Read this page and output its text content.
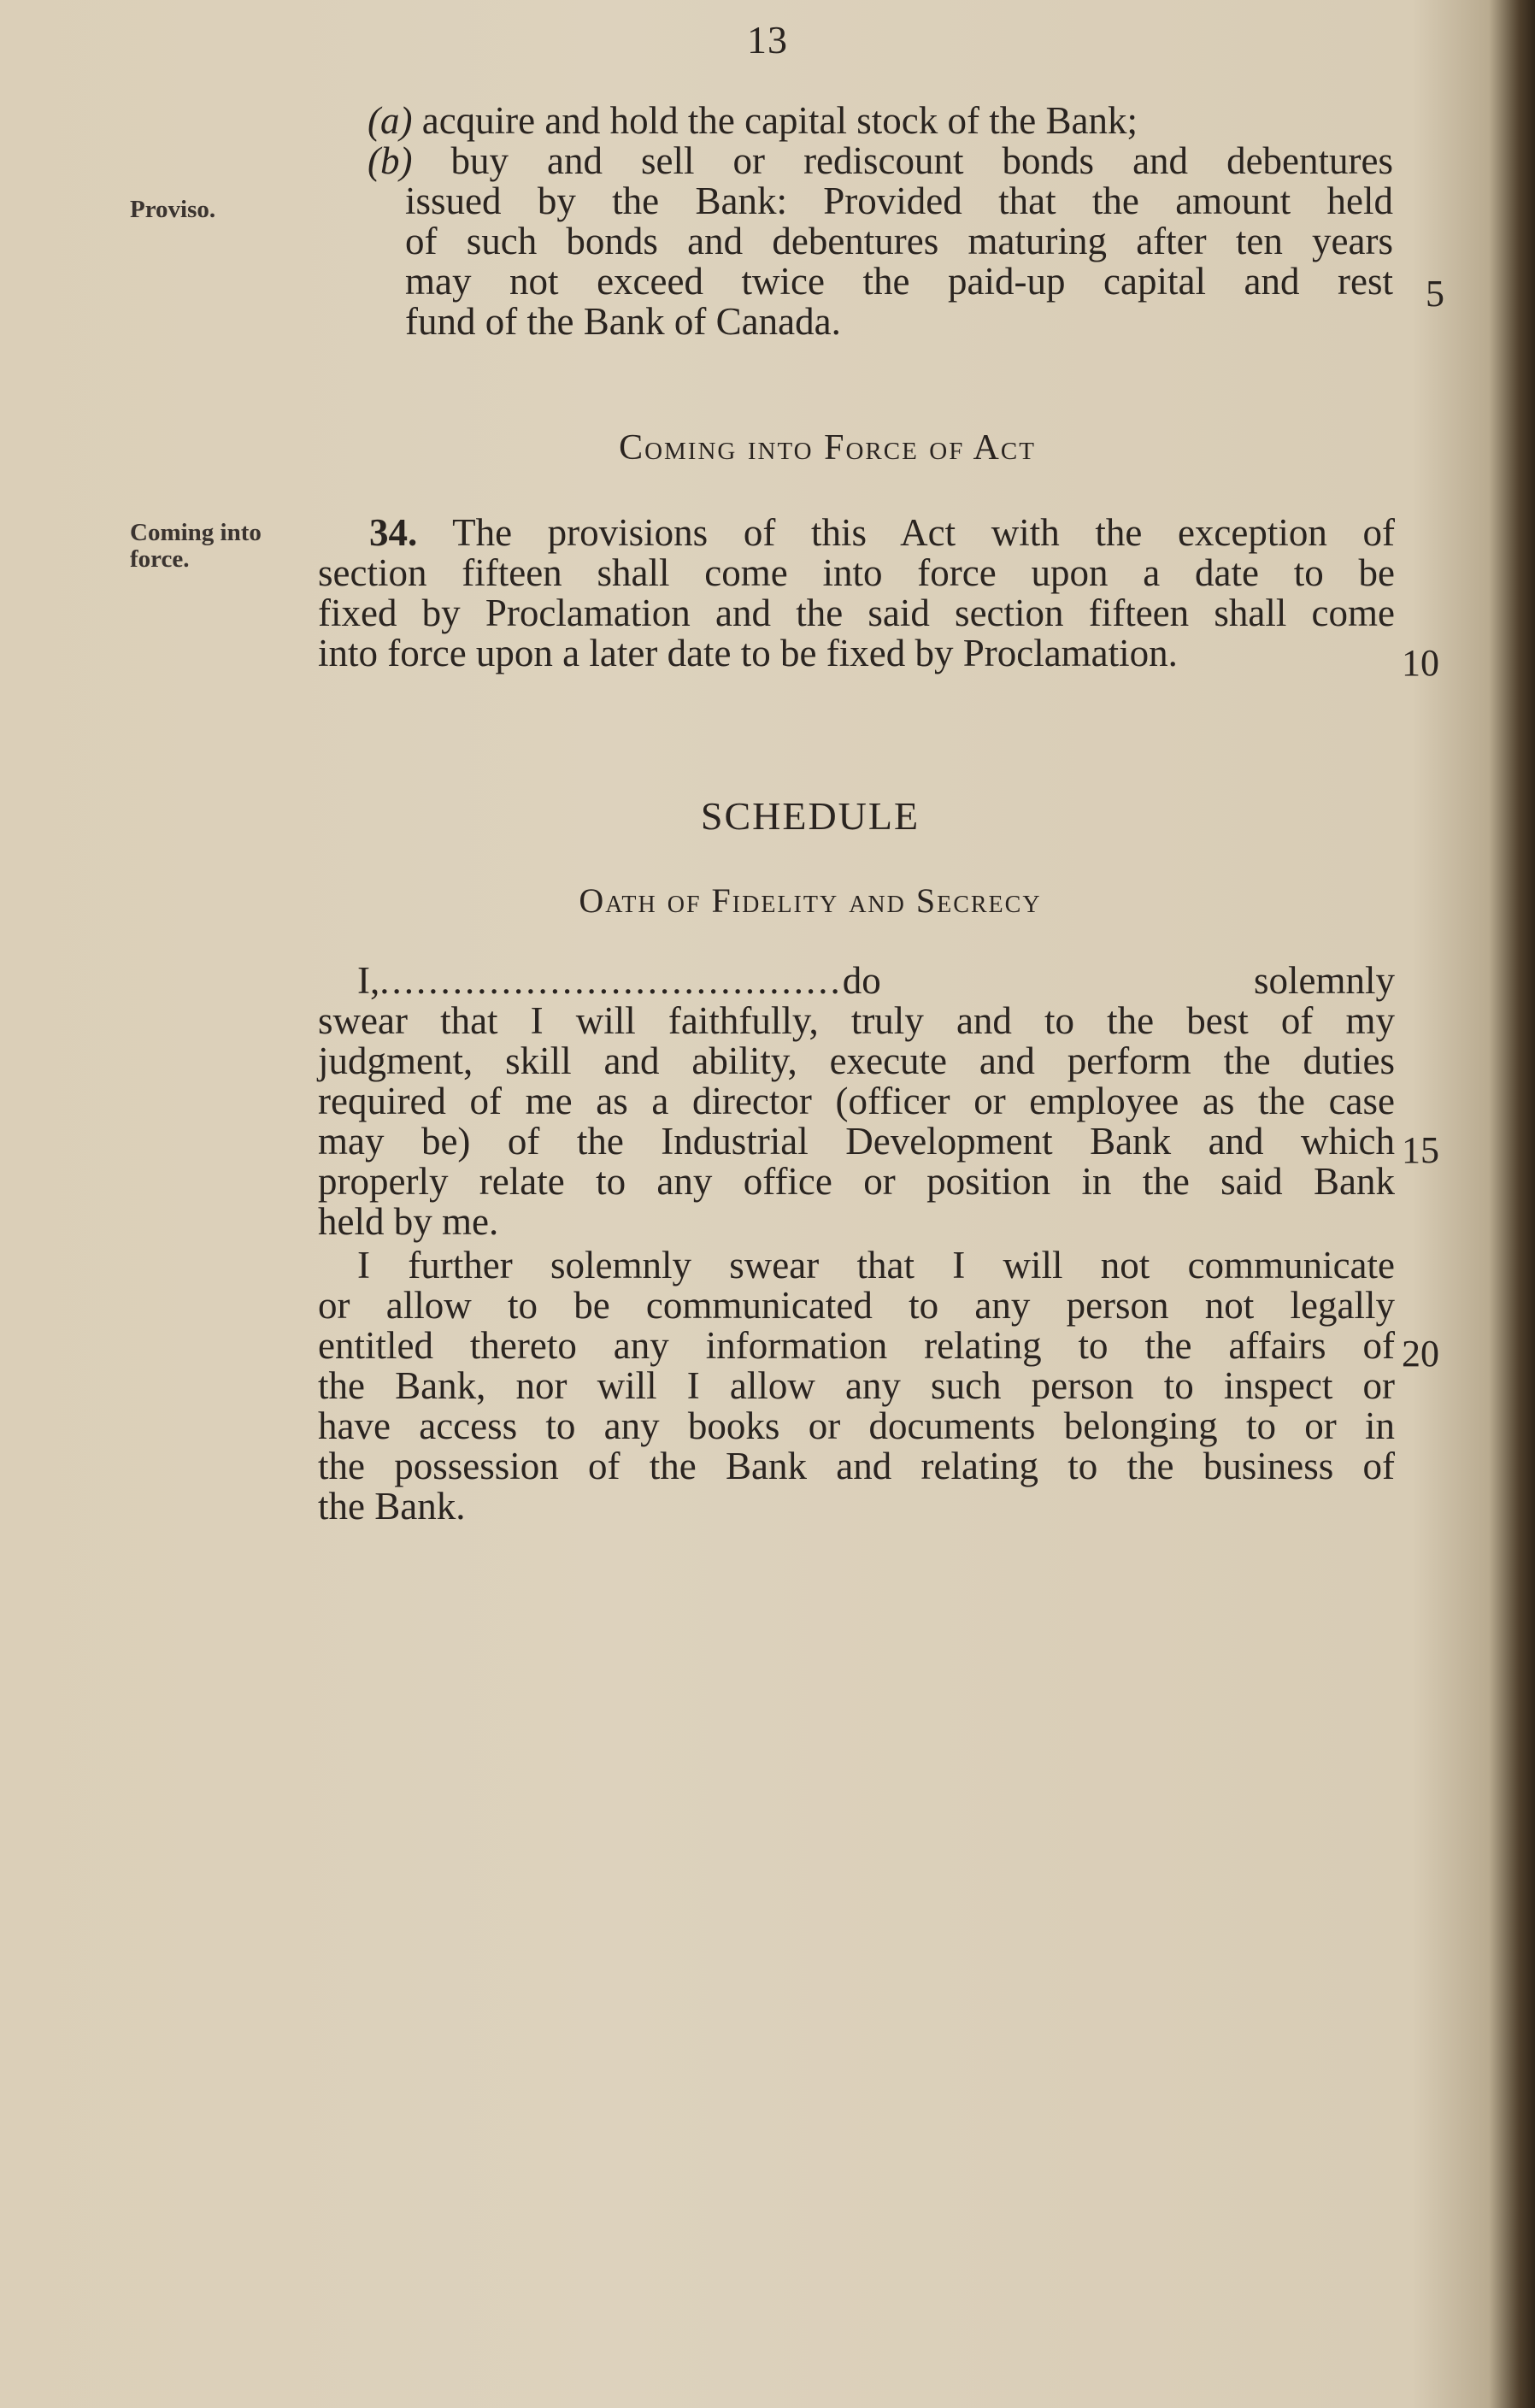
13
Proviso.
Coming into
force.
(a) acquire and hold the capital stock of the Bank;
(b) buy and sell or rediscount bonds and debentures
issued by the Bank: Provided that the amount held
of such bonds and debentures maturing after ten years
may not exceed twice the paid-up capital and rest
fund of the Bank of Canada.
5
Coming into Force of Act
34. The provisions of this Act with the exception of
section fifteen shall come into force upon a date to be
fixed by Proclamation and the said section fifteen shall come
into force upon a later date to be fixed by Proclamation.	10
SCHEDULE
Oath of Fidelity and Secrecy
I,......................................do solemnly
swear that I will faithfully, truly and to the best of my
judgment, skill and ability, execute and perform the duties
required of me as a director (officer or employee as the case
may be) of the Industrial Development Bank and which
properly relate to any office or position in the said Bank
held by me.
15
I further solemnly swear that I will not communicate
or allow to be communicated to any person not legally
entitled thereto any information relating to the affairs of
the Bank, nor will I allow any such person to inspect or
have access to any books or documents belonging to or in
the possession of the Bank and relating to the business of
the Bank.
20
